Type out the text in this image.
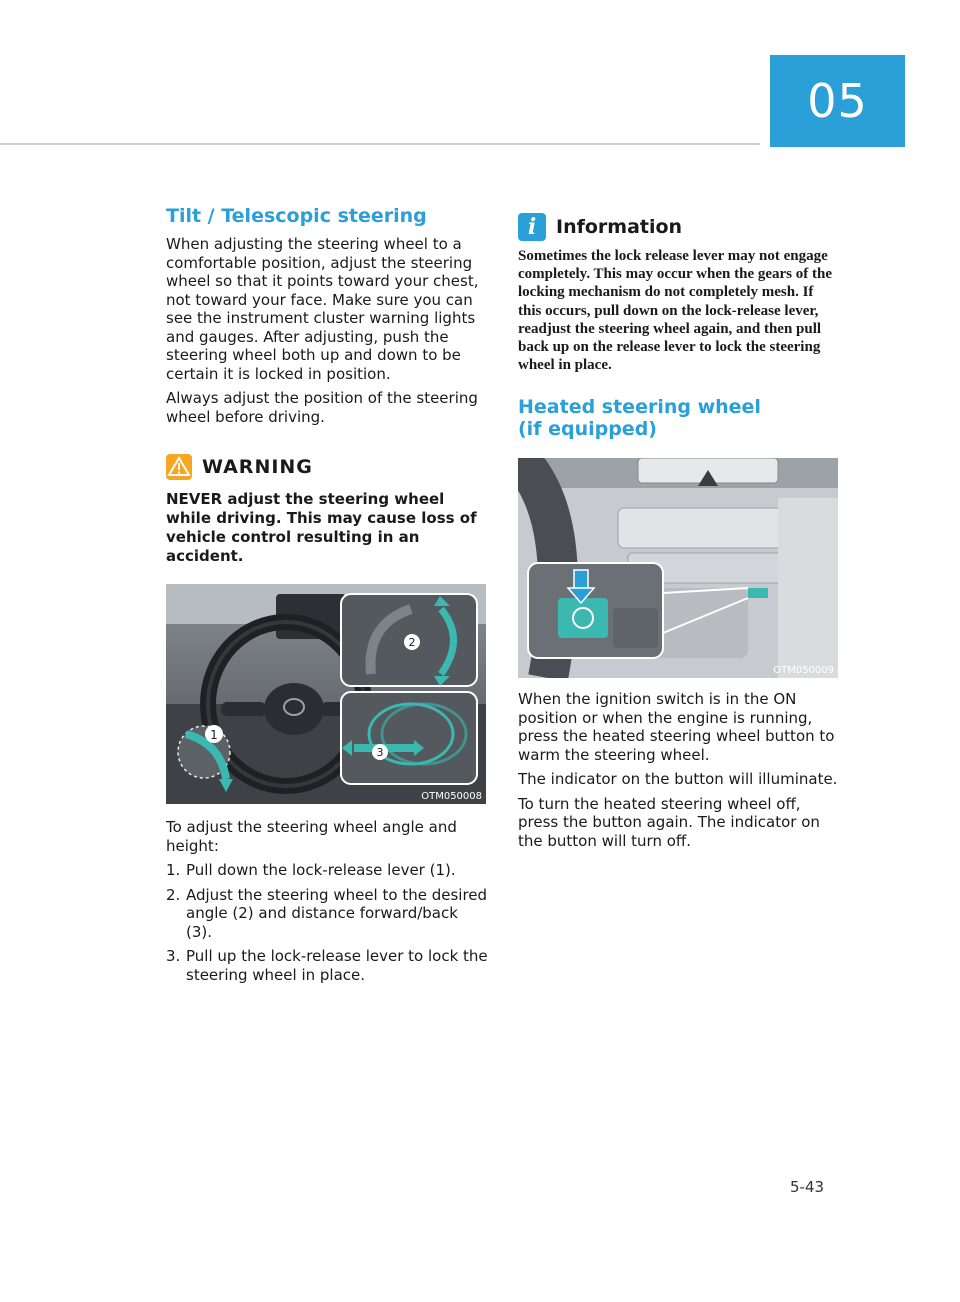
05
Tilt / Telescopic steering

When adjusting the steering wheel to a comfortable position, adjust the steering wheel so that it points toward your chest, not toward your face. Make sure you can see the instrument cluster warning lights and gauges. After adjusting, push the steering wheel both up and down to be certain it is locked in position.

Always adjust the position of the steering wheel before driving.

WARNING

NEVER adjust the steering wheel while driving. This may cause loss of vehicle control resulting in an accident.

1
2
3
OTM050008

To adjust the steering wheel angle and height:

1. Pull down the lock-release lever (1).
2. Adjust the steering wheel to the desired angle (2) and distance forward/back (3).
3. Pull up the lock-release lever to lock the steering wheel in place.
i	Information

Sometimes the lock release lever may not engage completely. This may occur when the gears of the locking mechanism do not completely mesh. If this occurs, pull down on the lock-release lever, readjust the steering wheel again, and then pull back up on the release lever to lock the steering wheel in place.

Heated steering wheel
(if equipped)
OTM050009

When the ignition switch is in the ON position or when the engine is running, press the heated steering wheel button to warm the steering wheel.

The indicator on the button will illuminate.

To turn the heated steering wheel off, press the button again. The indicator on the button will turn off.

5-43
